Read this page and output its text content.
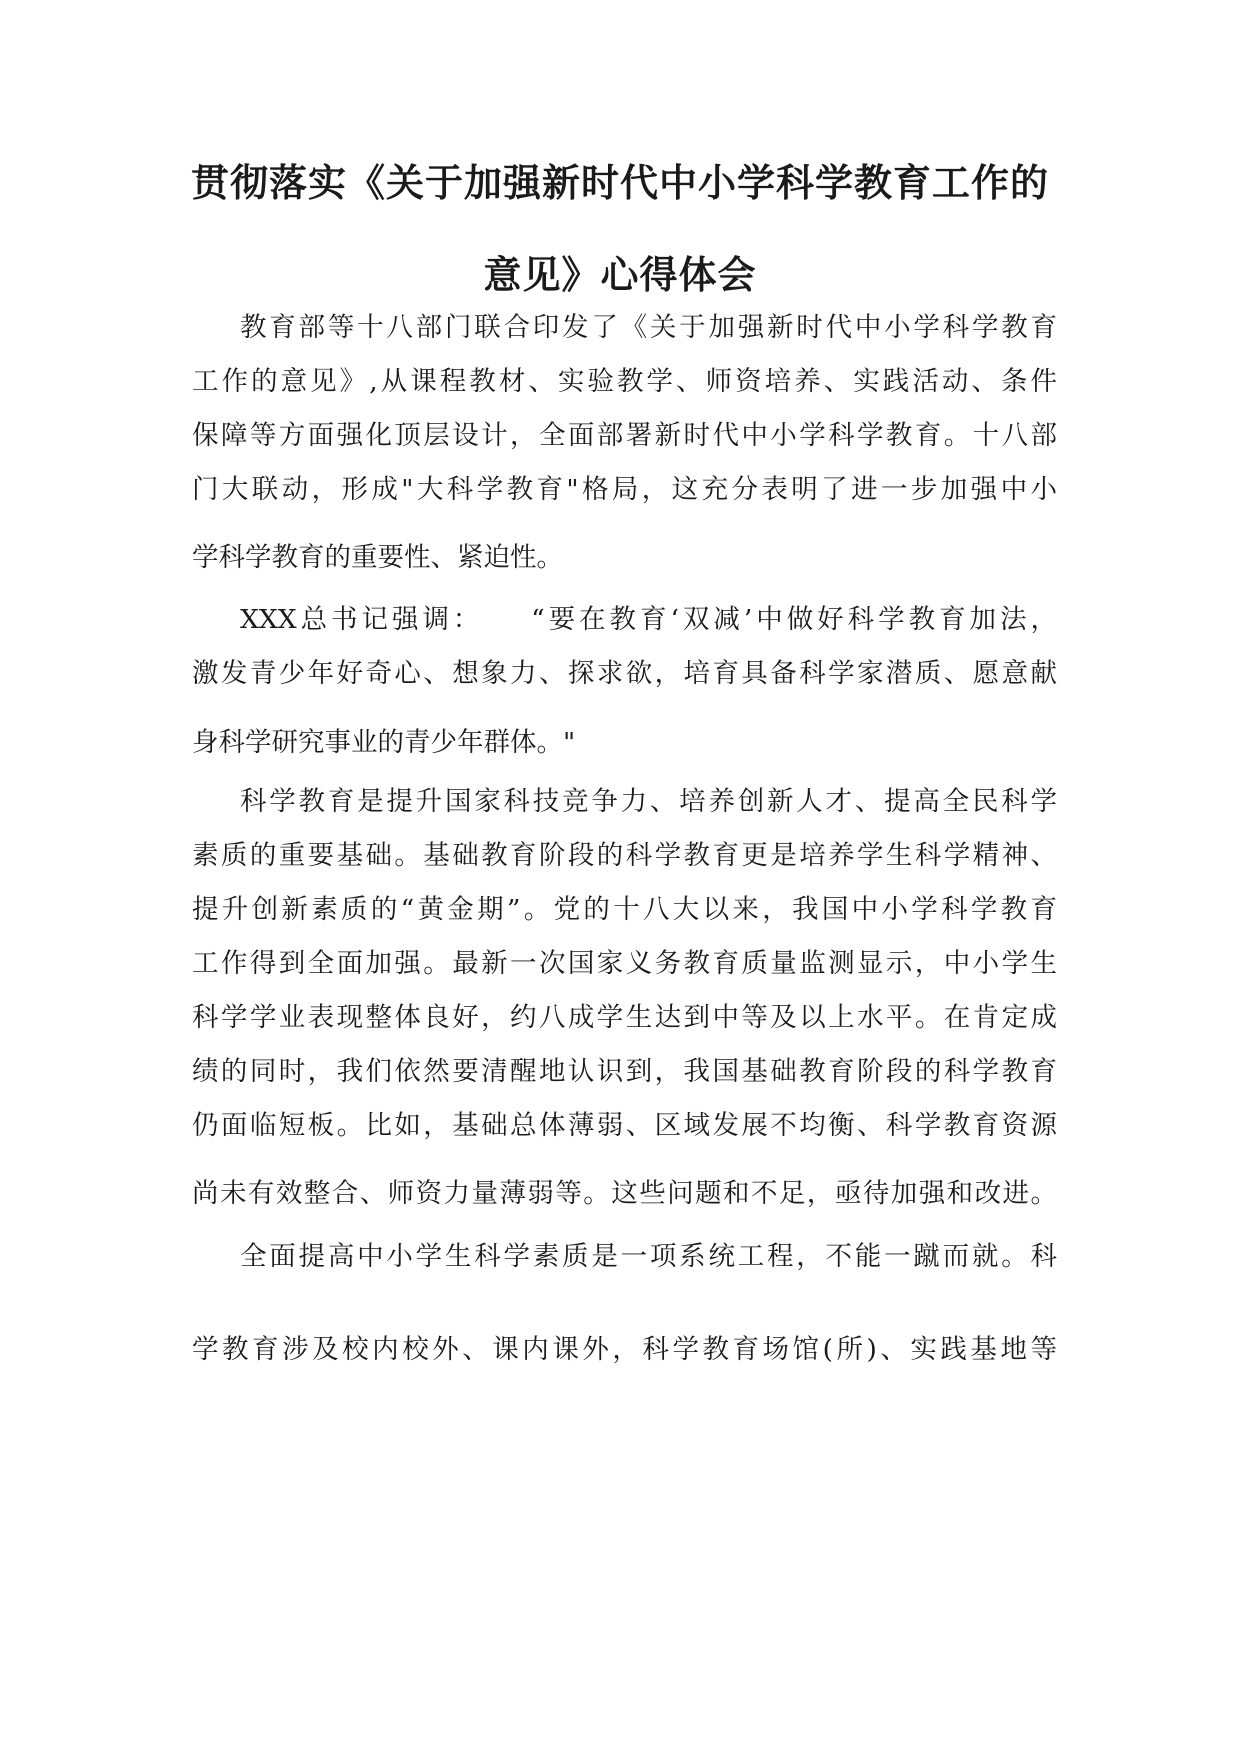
贯彻落实《关于加强新时代中小学科学教育工作的
意见》心得体会
教育部等十八部门联合印发了《关于加强新时代中小学科学教育
工作的意见》,从课程教材、实验教学、师资培养、实践活动、条件
保障等方面强化顶层设计，全面部署新时代中小学科学教育。十八部
门大联动，形成"大科学教育"格局，这充分表明了进一步加强中小
学科学教育的重要性、紧迫性。
XXX总书记强调：　　“要在教育‘双减’中做好科学教育加法，
激发青少年好奇心、想象力、探求欲，培育具备科学家潜质、愿意献
身科学研究事业的青少年群体。"
科学教育是提升国家科技竞争力、培养创新人才、提高全民科学
素质的重要基础。基础教育阶段的科学教育更是培养学生科学精神、
提升创新素质的“黄金期”。党的十八大以来，我国中小学科学教育
工作得到全面加强。最新一次国家义务教育质量监测显示，中小学生
科学学业表现整体良好，约八成学生达到中等及以上水平。在肯定成
绩的同时，我们依然要清醒地认识到，我国基础教育阶段的科学教育
仍面临短板。比如，基础总体薄弱、区域发展不均衡、科学教育资源
尚未有效整合、师资力量薄弱等。这些问题和不足，亟待加强和改进。
全面提高中小学生科学素质是一项系统工程，不能一蹴而就。科
学教育涉及校内校外、课内课外，科学教育场馆(所)、实践基地等
